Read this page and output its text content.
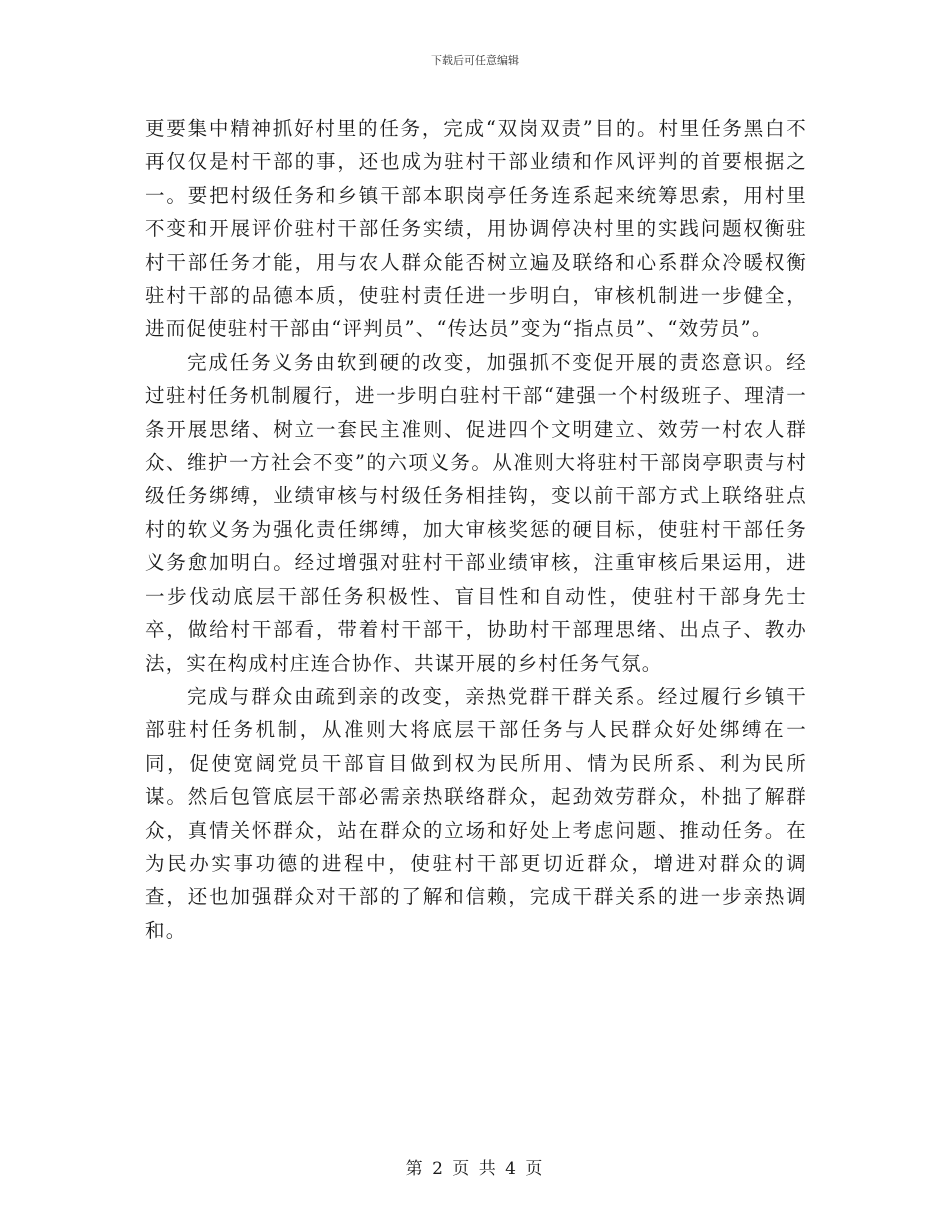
下载后可任意编辑

更要集中精神抓好村里的任务，完成“双岗双责”目的。村里任务黑白不再仅仅是村干部的事，还也成为驻村干部业绩和作风评判的首要根据之一。要把村级任务和乡镇干部本职岗亭任务连系起来统筹思索，用村里不变和开展评价驻村干部任务实绩，用协调停决村里的实践问题权衡驻村干部任务才能，用与农人群众能否树立遍及联络和心系群众冷暖权衡驻村干部的品德本质，使驻村责任进一步明白，审核机制进一步健全，进而促使驻村干部由“评判员”、“传达员”变为“指点员”、“效劳员”。

完成任务义务由软到硬的改变，加强抓不变促开展的责恣意识。经过驻村任务机制履行，进一步明白驻村干部“建强一个村级班子、理清一条开展思绪、树立一套民主准则、促进四个文明建立、效劳一村农人群众、维护一方社会不变”的六项义务。从准则大将驻村干部岗亭职责与村级任务绑缚，业绩审核与村级任务相挂钩，变以前干部方式上联络驻点村的软义务为强化责任绑缚，加大审核奖惩的硬目标，使驻村干部任务义务愈加明白。经过增强对驻村干部业绩审核，注重审核后果运用，进一步伐动底层干部任务积极性、盲目性和自动性，使驻村干部身先士卒，做给村干部看，带着村干部干，协助村干部理思绪、出点子、教办法，实在构成村庄连合协作、共谋开展的乡村任务气氛。

完成与群众由疏到亲的改变，亲热党群干群关系。经过履行乡镇干部驻村任务机制，从准则大将底层干部任务与人民群众好处绑缚在一同，促使宽阔党员干部盲目做到权为民所用、情为民所系、利为民所谋。然后包管底层干部必需亲热联络群众，起劲效劳群众，朴拙了解群众，真情关怀群众，站在群众的立场和好处上考虑问题、推动任务。在为民办实事功德的进程中，使驻村干部更切近群众，增进对群众的调查，还也加强群众对干部的了解和信赖，完成干群关系的进一步亲热调和。

第 2 页 共 4 页
